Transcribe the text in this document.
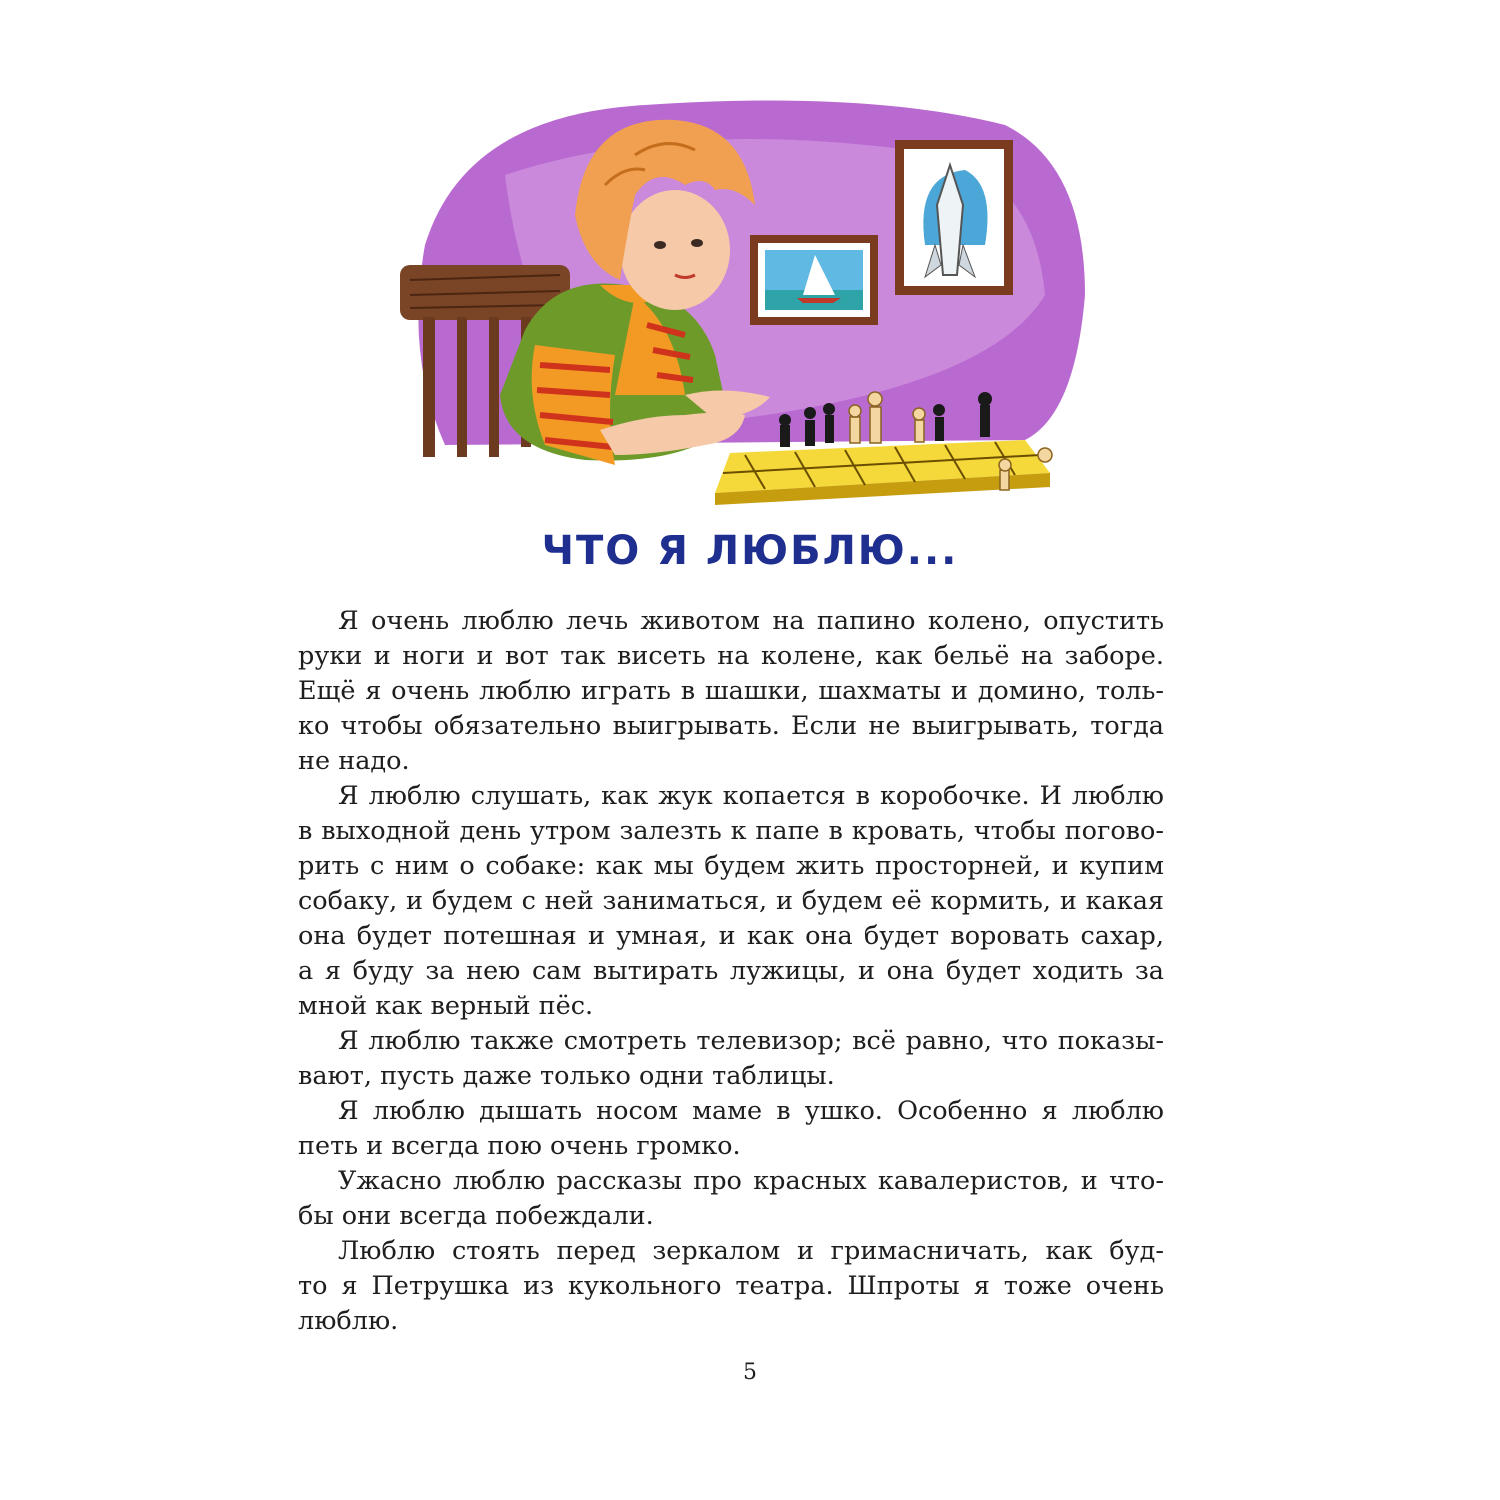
ЧТО Я ЛЮБЛЮ...
Я очень люблю лечь животом на папино колено, опустить
руки и ноги и вот так висеть на колене, как бельё на заборе.
Ещё я очень люблю играть в шашки, шахматы и домино, толь-
ко чтобы обязательно выигрывать. Если не выигрывать, тогда
не надо.
Я люблю слушать, как жук копается в коробочке. И люблю
в выходной день утром залезть к папе в кровать, чтобы погово-
рить с ним о собаке: как мы будем жить просторней, и купим
собаку, и будем с ней заниматься, и будем её кормить, и какая
она будет потешная и умная, и как она будет воровать сахар,
а я буду за нею сам вытирать лужицы, и она будет ходить за
мной как верный пёс.
Я люблю также смотреть телевизор; всё равно, что показы-
вают, пусть даже только одни таблицы.
Я люблю дышать носом маме в ушко. Особенно я люблю
петь и всегда пою очень громко.
Ужасно люблю рассказы про красных кавалеристов, и что-
бы они всегда побеждали.
Люблю стоять перед зеркалом и гримасничать, как буд-
то я Петрушка из кукольного театра. Шпроты я тоже очень
люблю.
5
